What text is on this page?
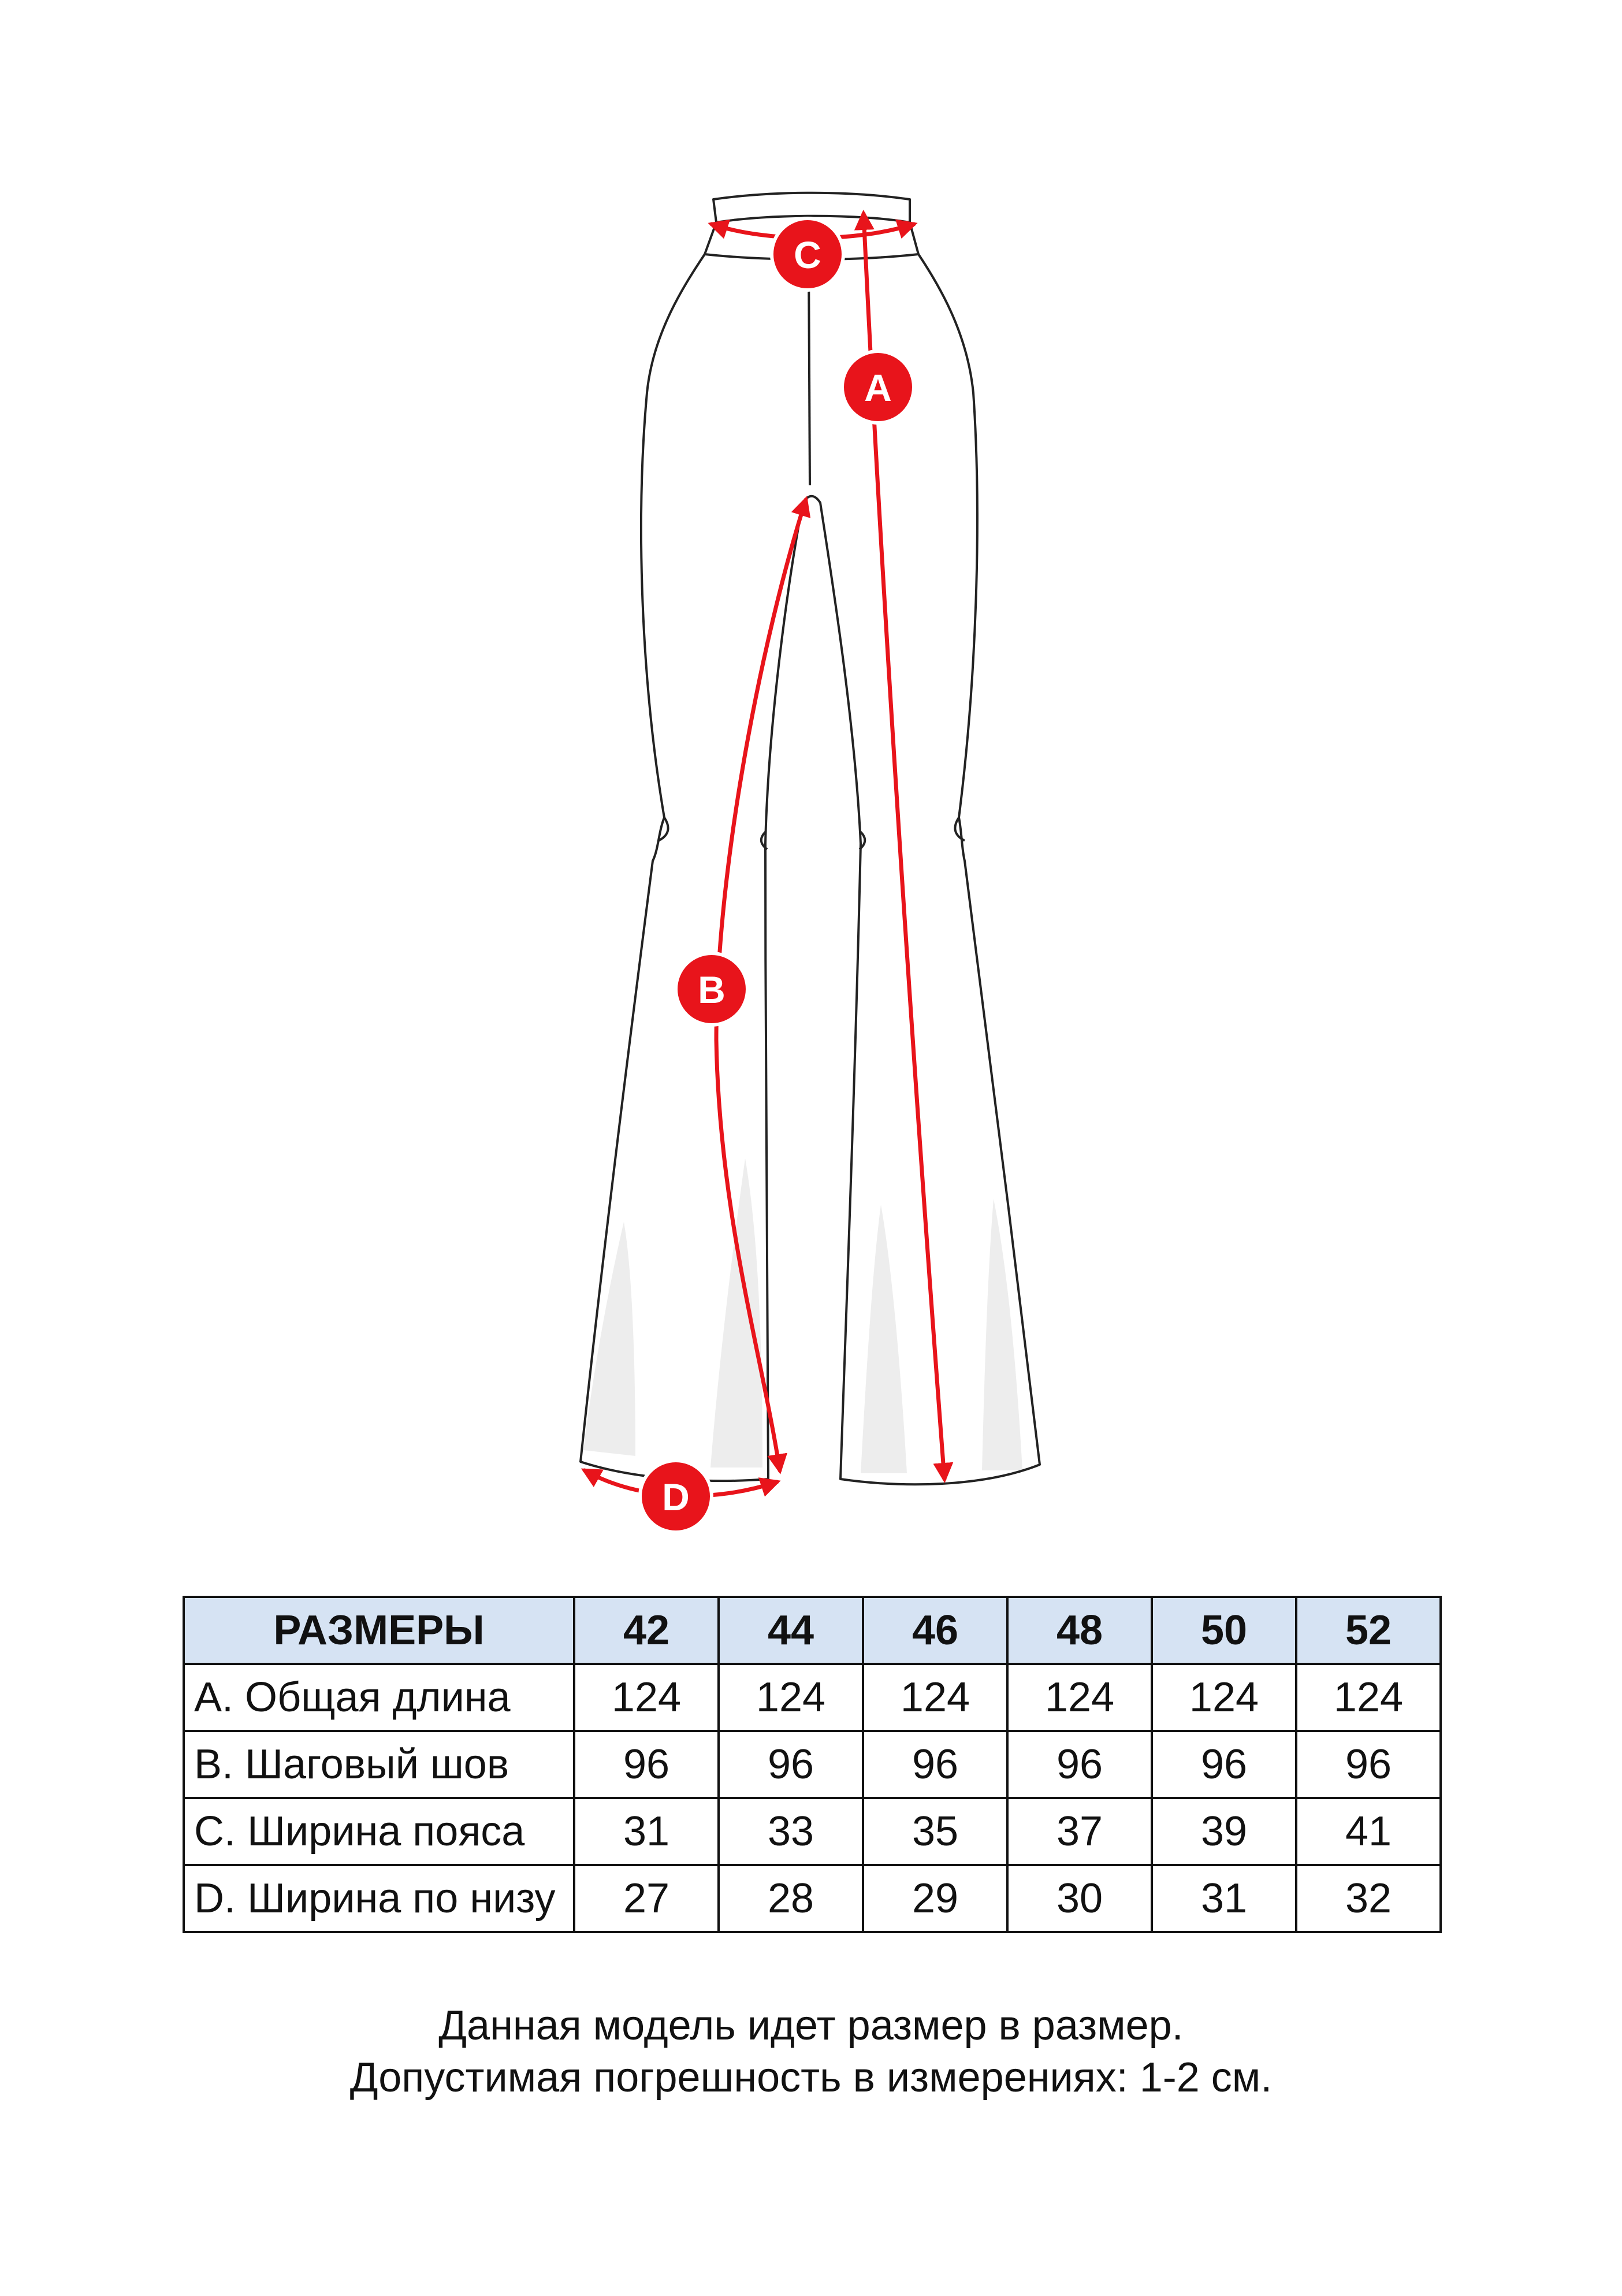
A
B
C
D
РАЗМЕРЫ	42	44	46	48	50	52
A. Общая длина	124	124	124	124	124	124
B. Шаговый шов	96	96	96	96	96	96
C. Ширина пояса	31	33	35	37	39	41
D. Ширина по низу	27	28	29	30	31	32
Данная модель идет размер в размер.
Допустимая погрешность в измерениях: 1-2 см.
